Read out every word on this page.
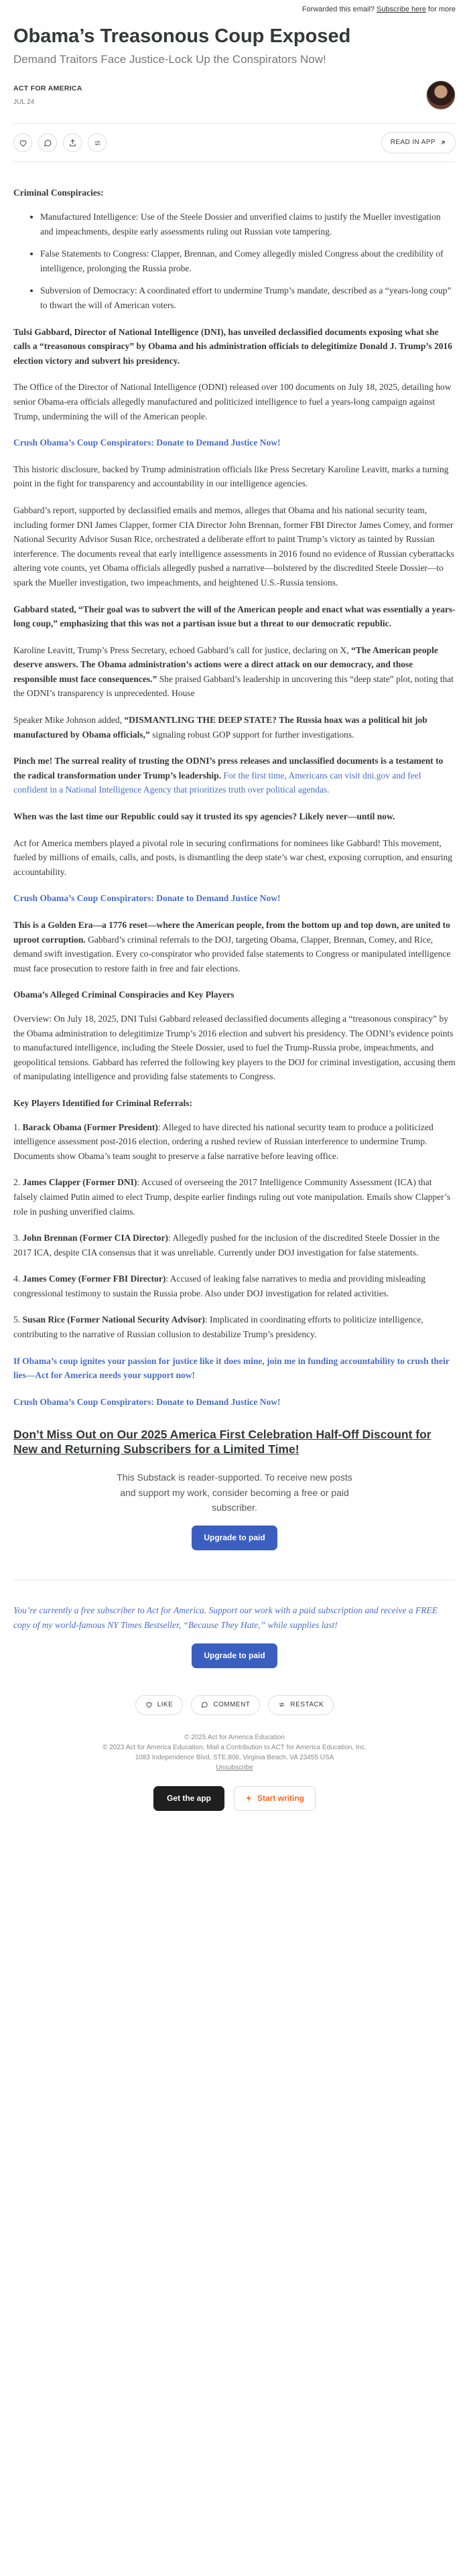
Forwarded this email? Subscribe here for more
Obama’s Treasonous Coup Exposed
Demand Traitors Face Justice-Lock Up the Conspirators Now!
ACT FOR AMERICA
JUL 24
READ IN APP
Criminal Conspiracies:
• Manufactured Intelligence: Use of the Steele Dossier and unverified claims to justify the Mueller investigation and impeachments, despite early assessments ruling out Russian vote tampering.
• False Statements to Congress: Clapper, Brennan, and Comey allegedly misled Congress about the credibility of intelligence, prolonging the Russia probe.
• Subversion of Democracy: A coordinated effort to undermine Trump’s mandate, described as a “years-long coup” to thwart the will of American voters.

Tulsi Gabbard, Director of National Intelligence (DNI), has unveiled declassified documents exposing what she calls a “treasonous conspiracy” by Obama and his administration officials to delegitimize Donald J. Trump’s 2016 election victory and subvert his presidency.

The Office of the Director of National Intelligence (ODNI) released over 100 documents on July 18, 2025, detailing how senior Obama-era officials allegedly manufactured and politicized intelligence to fuel a years-long campaign against Trump, undermining the will of the American people.

Crush Obama’s Coup Conspirators: Donate to Demand Justice Now!

This historic disclosure, backed by Trump administration officials like Press Secretary Karoline Leavitt, marks a turning point in the fight for transparency and accountability in our intelligence agencies.

Gabbard’s report, supported by declassified emails and memos, alleges that Obama and his national security team, including former DNI James Clapper, former CIA Director John Brennan, former FBI Director James Comey, and former National Security Advisor Susan Rice, orchestrated a deliberate effort to paint Trump’s victory as tainted by Russian interference. The documents reveal that early intelligence assessments in 2016 found no evidence of Russian cyberattacks altering vote counts, yet Obama officials allegedly pushed a narrative—bolstered by the discredited Steele Dossier—to spark the Mueller investigation, two impeachments, and heightened U.S.-Russia tensions.

Gabbard stated, “Their goal was to subvert the will of the American people and enact what was essentially a years-long coup,” emphasizing that this was not a partisan issue but a threat to our democratic republic.

Karoline Leavitt, Trump’s Press Secretary, echoed Gabbard’s call for justice, declaring on X, “The American people deserve answers. The Obama administration’s actions were a direct attack on our democracy, and those responsible must face consequences.” She praised Gabbard’s leadership in uncovering this “deep state” plot, noting that the ODNI’s transparency is unprecedented. House

Speaker Mike Johnson added, “DISMANTLING THE DEEP STATE? The Russia hoax was a political hit job manufactured by Obama officials,” signaling robust GOP support for further investigations.

Pinch me! The surreal reality of trusting the ODNI’s press releases and unclassified documents is a testament to the radical transformation under Trump’s leadership. For the first time, Americans can visit dni.gov and feel confident in a National Intelligence Agency that prioritizes truth over political agendas.

When was the last time our Republic could say it trusted its spy agencies? Likely never—until now.

Act for America members played a pivotal role in securing confirmations for nominees like Gabbard! This movement, fueled by millions of emails, calls, and posts, is dismantling the deep state’s war chest, exposing corruption, and ensuring accountability.

Crush Obama’s Coup Conspirators: Donate to Demand Justice Now!

This is a Golden Era—a 1776 reset—where the American people, from the bottom up and top down, are united to uproot corruption. Gabbard’s criminal referrals to the DOJ, targeting Obama, Clapper, Brennan, Comey, and Rice, demand swift investigation. Every co-conspirator who provided false statements to Congress or manipulated intelligence must face prosecution to restore faith in free and fair elections.

Obama’s Alleged Criminal Conspiracies and Key Players

Overview: On July 18, 2025, DNI Tulsi Gabbard released declassified documents alleging a “treasonous conspiracy” by the Obama administration to delegitimize Trump’s 2016 election and subvert his presidency. The ODNI’s evidence points to manufactured intelligence, including the Steele Dossier, used to fuel the Trump-Russia probe, impeachments, and geopolitical tensions. Gabbard has referred the following key players to the DOJ for criminal investigation, accusing them of manipulating intelligence and providing false statements to Congress.

Key Players Identified for Criminal Referrals:

1. Barack Obama (Former President): Alleged to have directed his national security team to produce a politicized intelligence assessment post-2016 election, ordering a rushed review of Russian interference to undermine Trump. Documents show Obama’s team sought to preserve a false narrative before leaving office.

2. James Clapper (Former DNI): Accused of overseeing the 2017 Intelligence Community Assessment (ICA) that falsely claimed Putin aimed to elect Trump, despite earlier findings ruling out vote manipulation. Emails show Clapper’s role in pushing unverified claims.

3. John Brennan (Former CIA Director): Allegedly pushed for the inclusion of the discredited Steele Dossier in the 2017 ICA, despite CIA consensus that it was unreliable. Currently under DOJ investigation for false statements.

4. James Comey (Former FBI Director): Accused of leaking false narratives to media and providing misleading congressional testimony to sustain the Russia probe. Also under DOJ investigation for related activities.

5. Susan Rice (Former National Security Advisor): Implicated in coordinating efforts to politicize intelligence, contributing to the narrative of Russian collusion to destabilize Trump’s presidency.

If Obama’s coup ignites your passion for justice like it does mine, join me in funding accountability to crush their lies—Act for America needs your support now!

Crush Obama’s Coup Conspirators: Donate to Demand Justice Now!

Don’t Miss Out on Our 2025 America First Celebration Half-Off Discount for New and Returning Subscribers for a Limited Time!

This Substack is reader-supported. To receive new posts and support my work, consider becoming a free or paid subscriber.

Upgrade to paid

You’re currently a free subscriber to Act for America. Support our work with a paid subscription and receive a FREE copy of my world-famous NY Times Bestseller, “Because They Hate,” while supplies last!

Upgrade to paid
LIKE	COMMENT	RESTACK
© 2025 Act for America Education
© 2023 Act for America Education, Mail a Contribution to ACT for America Education, Inc.
1083 Independence Blvd, STE.806, Virginia Beach, VA 23455 USA
Unsubscribe
Get the app	Start writing
